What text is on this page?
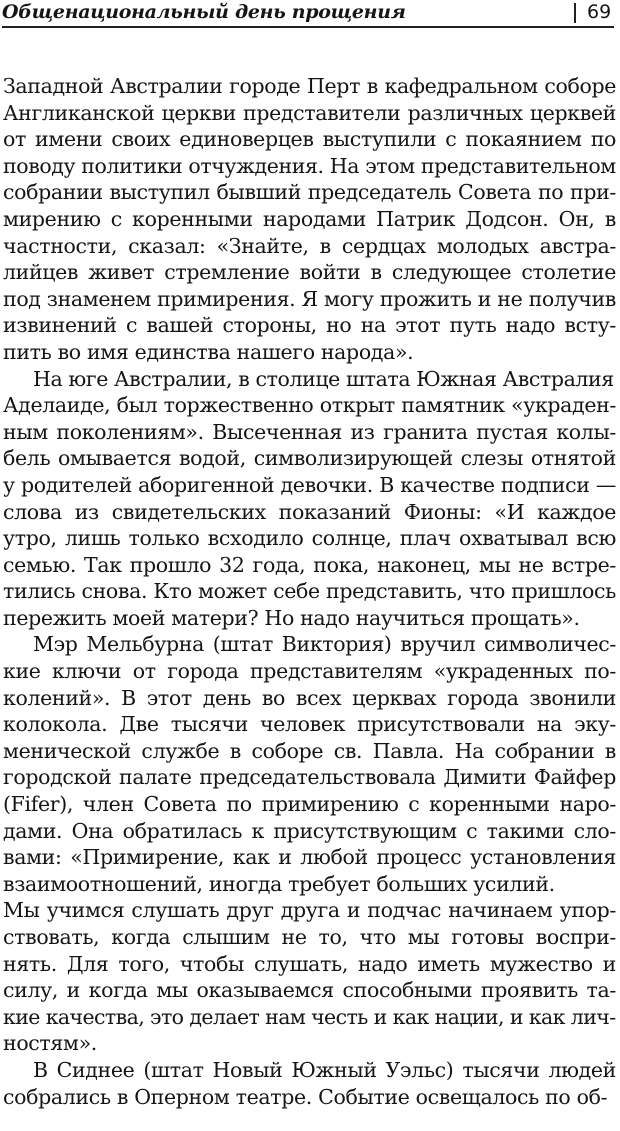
Общенациональный день прощения	69
Западной Австралии городе Перт в кафедральном соборе
Англиканской церкви представители различных церквей
от имени своих единоверцев выступили с покаянием по
поводу политики отчуждения. На этом представительном
собрании выступил бывший председатель Совета по при-
мирению с коренными народами Патрик Додсон. Он, в
частности, сказал: «Знайте, в сердцах молодых австра-
лийцев живет стремление войти в следующее столетие
под знаменем примирения. Я могу прожить и не получив
извинений с вашей стороны, но на этот путь надо всту-
пить во имя единства нашего народа».
На юге Австралии, в столице штата Южная Австралия
Аделаиде, был торжественно открыт памятник «украден-
ным поколениям». Высеченная из гранита пустая колы-
бель омывается водой, символизирующей слезы отнятой
у родителей аборигенной девочки. В качестве подписи —
слова из свидетельских показаний Фионы: «И каждое
утро, лишь только всходило солнце, плач охватывал всю
семью. Так прошло 32 года, пока, наконец, мы не встре-
тились снова. Кто может себе представить, что пришлось
пережить моей матери? Но надо научиться прощать».
Мэр Мельбурна (штат Виктория) вручил символичес-
кие ключи от города представителям «украденных по-
колений». В этот день во всех церквах города звонили
колокола. Две тысячи человек присутствовали на эку-
менической службе в соборе св. Павла. На собрании в
городской палате председательствовала Димити Файфер
(Fifer), член Совета по примирению с коренными наро-
дами. Она обратилась к присутствующим с такими сло-
вами: «Примирение, как и любой процесс установления
взаимоотношений, иногда требует больших усилий.
Мы учимся слушать друг друга и подчас начинаем упор-
ствовать, когда слышим не то, что мы готовы воспри-
нять. Для того, чтобы слушать, надо иметь мужество и
силу, и когда мы оказываемся способными проявить та-
кие качества, это делает нам честь и как нации, и как лич-
ностям».
В Сиднее (штат Новый Южный Уэльс) тысячи людей
собрались в Оперном театре. Событие освещалось по об-
